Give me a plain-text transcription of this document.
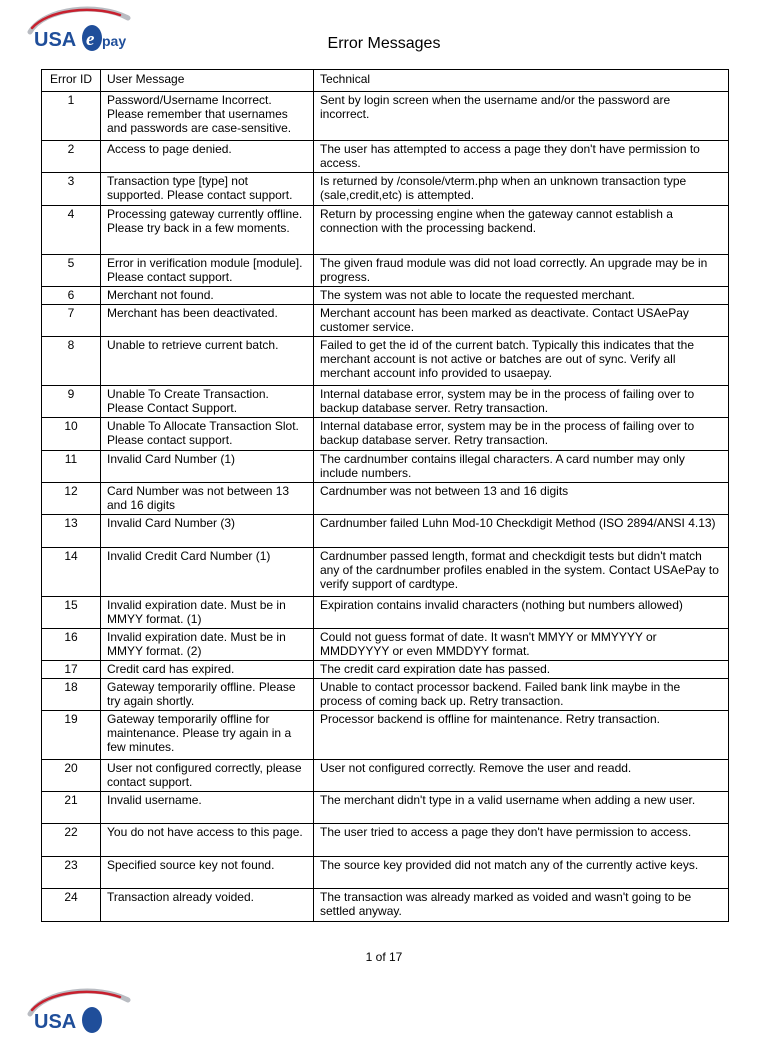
USA e pay	Error Messages
Error ID	User Message	Technical
1	Password/Username Incorrect. Please remember that usernames and passwords are case-sensitive.	Sent by login screen when the username and/or the password are incorrect.
2	Access to page denied.	The user has attempted to access a page they don't have permission to access.
3	Transaction type [type] not supported. Please contact support.	Is returned by /console/vterm.php when an unknown transaction type (sale,credit,etc) is attempted.
4	Processing gateway currently offline. Please try back in a few moments.	Return by processing engine when the gateway cannot establish a connection with the processing backend.
5	Error in verification module [module]. Please contact support.	The given fraud module was did not load correctly. An upgrade may be in progress.
6	Merchant not found.	The system was not able to locate the requested merchant.
7	Merchant has been deactivated.	Merchant account has been marked as deactivate. Contact USAePay customer service.
8	Unable to retrieve current batch.	Failed to get the id of the current batch. Typically this indicates that the merchant account is not active or batches are out of sync. Verify all merchant account info provided to usaepay.
9	Unable To Create Transaction. Please Contact Support.	Internal database error, system may be in the process of failing over to backup database server. Retry transaction.
10	Unable To Allocate Transaction Slot. Please contact support.	Internal database error, system may be in the process of failing over to backup database server. Retry transaction.
11	Invalid Card Number (1)	The cardnumber contains illegal characters. A card number may only include numbers.
12	Card Number was not between 13 and 16 digits	Cardnumber was not between 13 and 16 digits
13	Invalid Card Number (3)	Cardnumber failed Luhn Mod-10 Checkdigit Method (ISO 2894/ANSI 4.13)
14	Invalid Credit Card Number (1)	Cardnumber passed length, format and checkdigit tests but didn't match any of the cardnumber profiles enabled in the system. Contact USAePay to verify support of cardtype.
15	Invalid expiration date. Must be in MMYY format. (1)	Expiration contains invalid characters (nothing but numbers allowed)
16	Invalid expiration date. Must be in MMYY format. (2)	Could not guess format of date. It wasn't MMYY or MMYYYY or MMDDYYYY or even MMDDYY format.
17	Credit card has expired.	The credit card expiration date has passed.
18	Gateway temporarily offline. Please try again shortly.	Unable to contact processor backend. Failed bank link maybe in the process of coming back up. Retry transaction.
19	Gateway temporarily offline for maintenance. Please try again in a few minutes.	Processor backend is offline for maintenance. Retry transaction.
20	User not configured correctly, please contact support.	User not configured correctly. Remove the user and readd.
21	Invalid username.	The merchant didn't type in a valid username when adding a new user.
22	You do not have access to this page.	The user tried to access a page they don't have permission to access.
23	Specified source key not found.	The source key provided did not match any of the currently active keys.
24	Transaction already voided.	The transaction was already marked as voided and wasn't going to be settled anyway.
1 of 17
USA
